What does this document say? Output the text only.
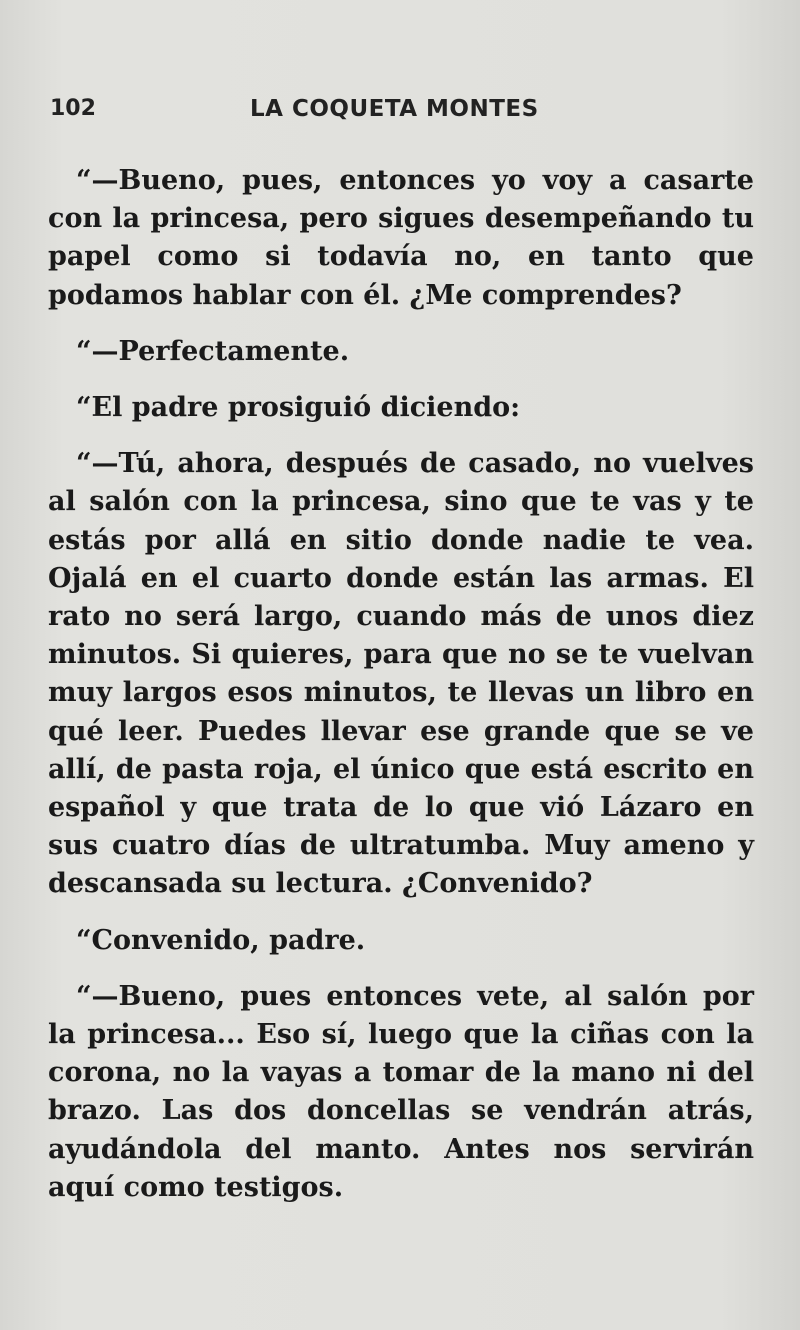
102	LA COQUETA MONTES

“—Bueno, pues, entonces yo voy a casarte con la princesa, pero sigues desempeñando tu papel como si todavía no, en tanto que podamos hablar con él. ¿Me comprendes?

“—Perfectamente.

“El padre prosiguió diciendo:

“—Tú, ahora, después de casado, no vuelves al salón con la princesa, sino que te vas y te estás por allá en sitio donde nadie te vea. Ojalá en el cuarto donde están las armas. El rato no será largo, cuando más de unos diez minutos. Si quieres, para que no se te vuelvan muy largos esos minutos, te llevas un libro en qué leer. Puedes llevar ese grande que se ve allí, de pasta roja, el único que está escrito en español y que trata de lo que vió Lázaro en sus cuatro días de ultratumba. Muy ameno y descansada su lectura. ¿Convenido?

“Convenido, padre.

“—Bueno, pues entonces vete, al salón por la princesa... Eso sí, luego que la ciñas con la corona, no la vayas a tomar de la mano ni del brazo. Las dos doncellas se vendrán atrás, ayudándola del manto. Antes nos servirán aquí como testigos.
